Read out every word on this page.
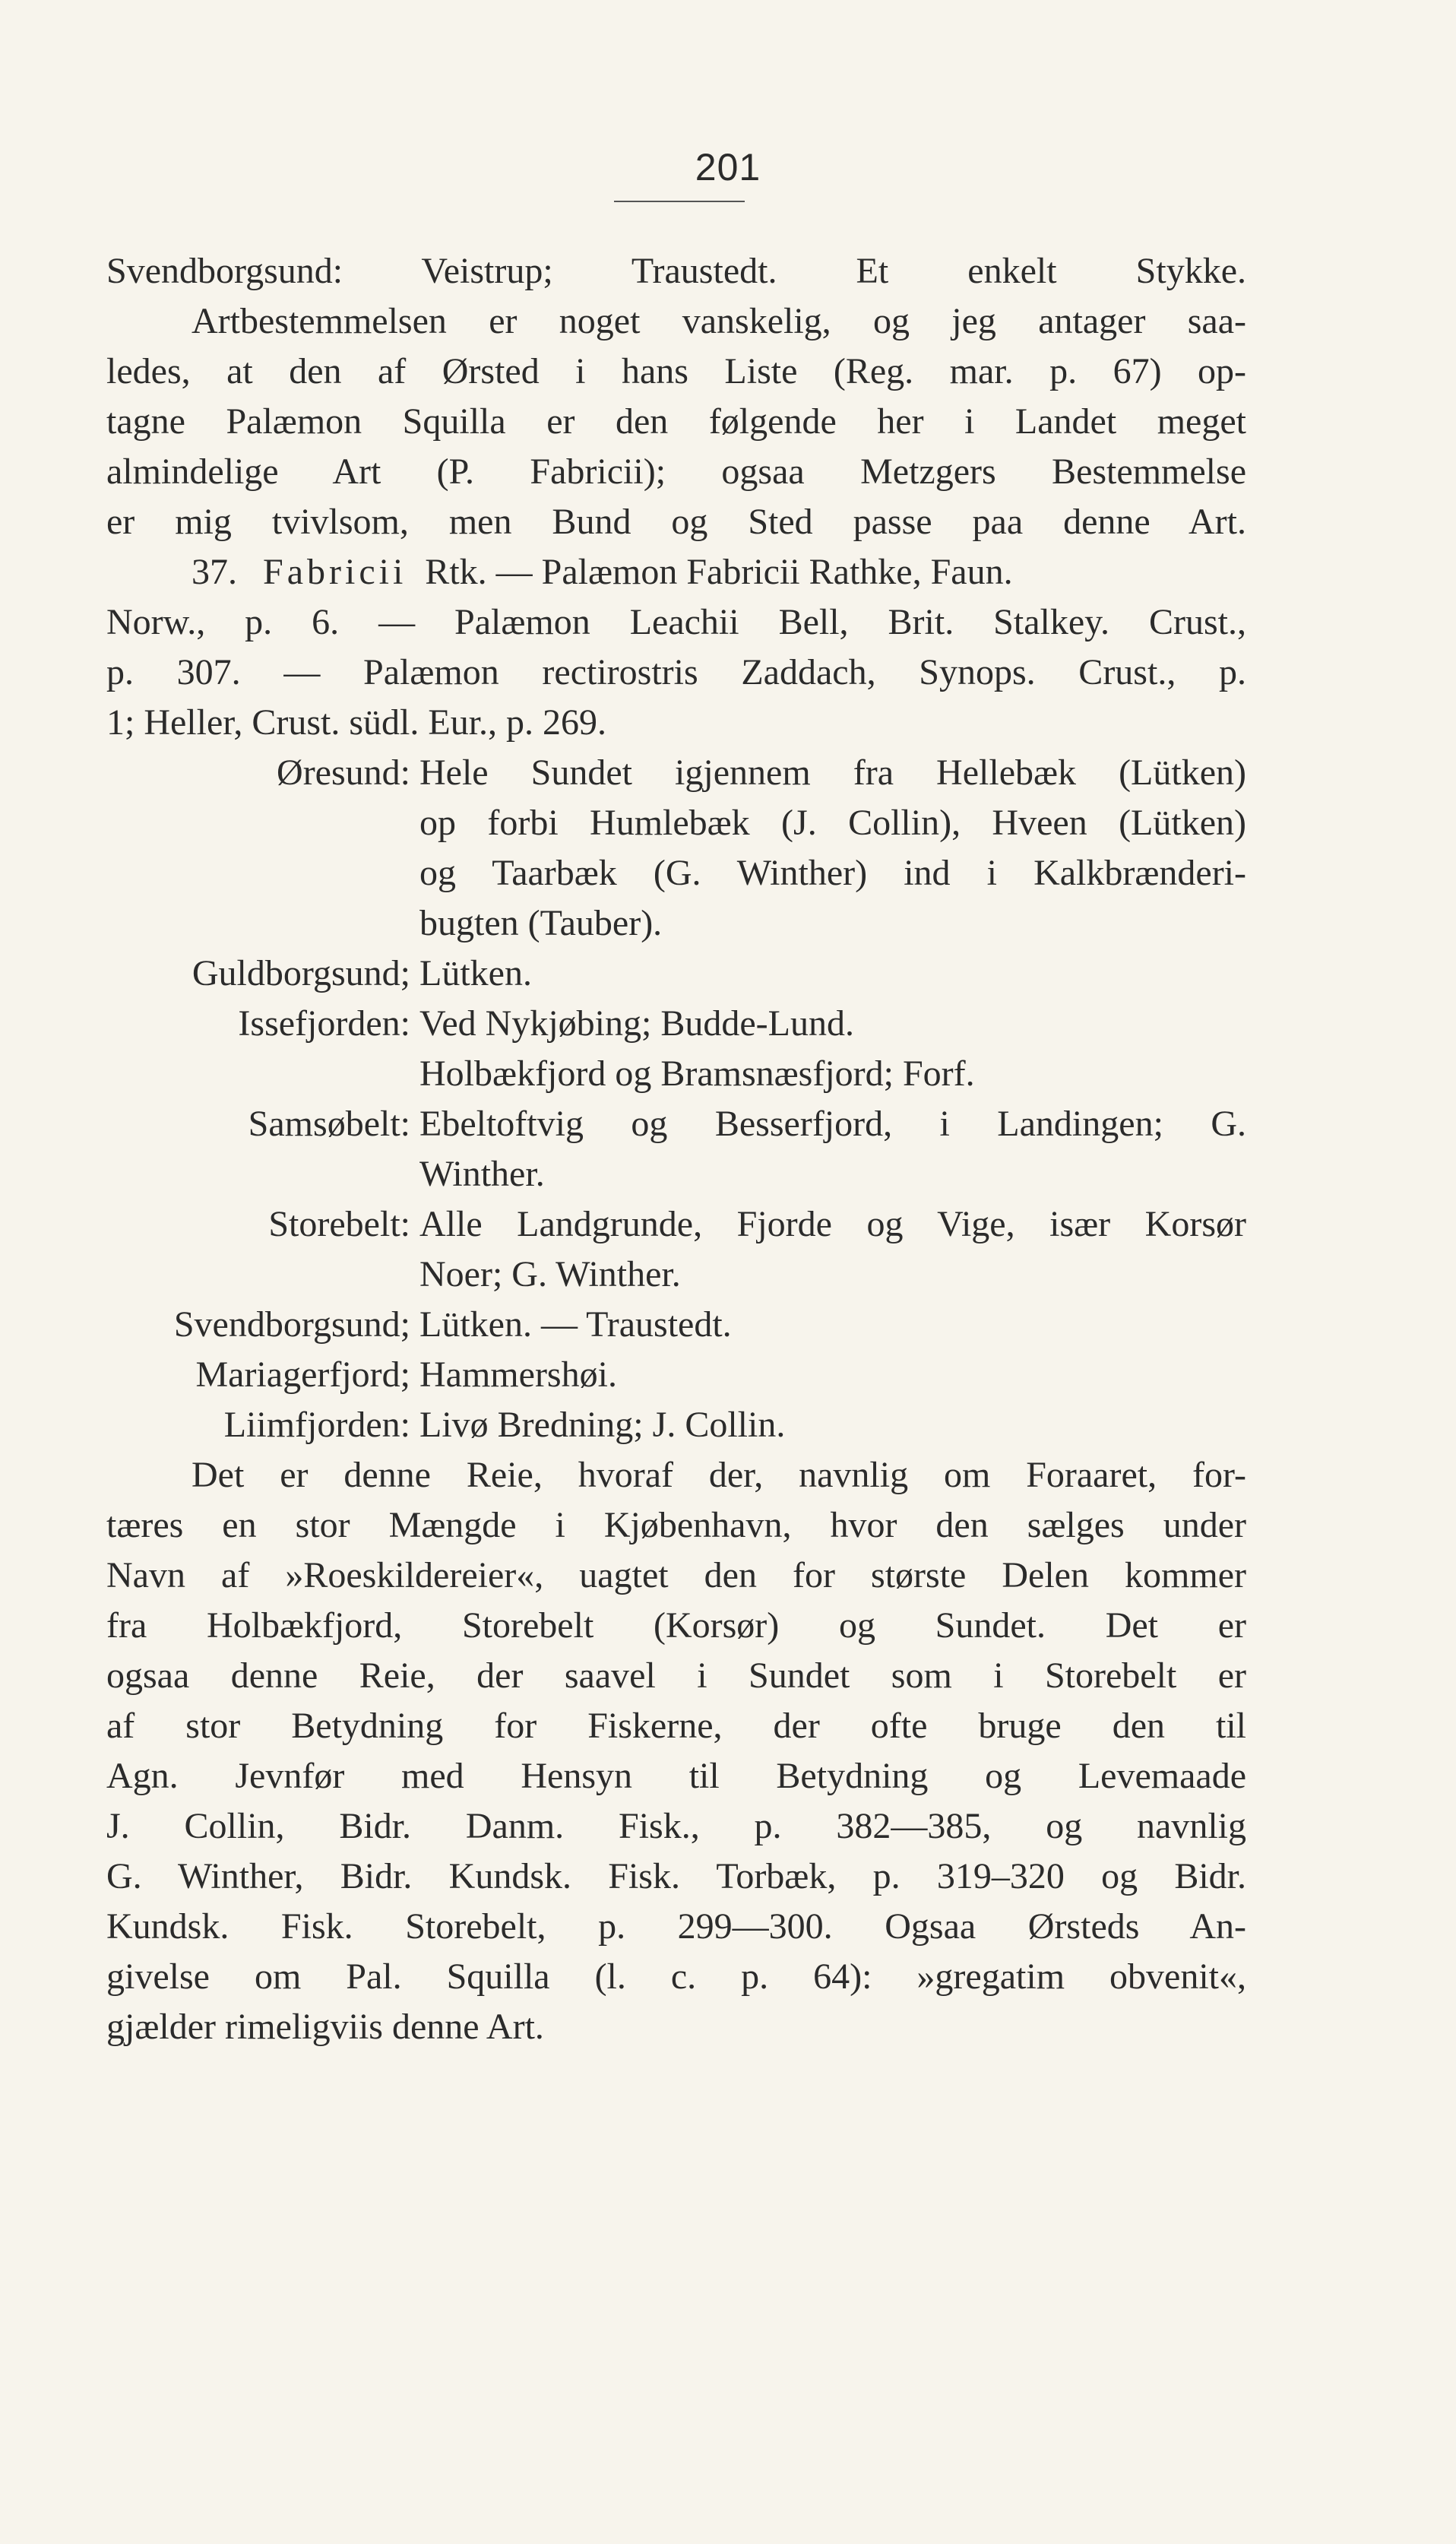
201
Svendborgsund: Veistrup; Traustedt. Et enkelt Stykke.
Artbestemmelsen er noget vanskelig, og jeg antager saa-
ledes, at den af Ørsted i hans Liste (Reg. mar. p. 67) op-
tagne Palæmon Squilla er den følgende her i Landet meget
almindelige Art (P. Fabricii); ogsaa Metzgers Bestemmelse
er mig tvivlsom, men Bund og Sted passe paa denne Art.
37. Fabricii Rtk. — Palæmon Fabricii Rathke, Faun.
Norw., p. 6. — Palæmon Leachii Bell, Brit. Stalkey. Crust.,
p. 307. — Palæmon rectirostris Zaddach, Synops. Crust., p.
1; Heller, Crust. südl. Eur., p. 269.
Øresund: Hele Sundet igjennem fra Hellebæk (Lütken)
op forbi Humlebæk (J. Collin), Hveen (Lütken)
og Taarbæk (G. Winther) ind i Kalkbrænderi-
bugten (Tauber).
Guldborgsund; Lütken.
Issefjorden: Ved Nykjøbing; Budde-Lund.
Holbækfjord og Bramsnæsfjord; Forf.
Samsøbelt: Ebeltoftvig og Besserfjord, i Landingen; G.
Winther.
Storebelt: Alle Landgrunde, Fjorde og Vige, især Korsør
Noer; G. Winther.
Svendborgsund; Lütken. — Traustedt.
Mariagerfjord; Hammershøi.
Liimfjorden: Livø Bredning; J. Collin.
Det er denne Reie, hvoraf der, navnlig om Foraaret, for-
tæres en stor Mængde i Kjøbenhavn, hvor den sælges under
Navn af »Roeskildereier«, uagtet den for største Delen kommer
fra Holbækfjord, Storebelt (Korsør) og Sundet. Det er
ogsaa denne Reie, der saavel i Sundet som i Storebelt er
af stor Betydning for Fiskerne, der ofte bruge den til
Agn. Jevnfør med Hensyn til Betydning og Levemaade
J. Collin, Bidr. Danm. Fisk., p. 382—385, og navnlig
G. Winther, Bidr. Kundsk. Fisk. Torbæk, p. 319–320 og Bidr.
Kundsk. Fisk. Storebelt, p. 299—300. Ogsaa Ørsteds An-
givelse om Pal. Squilla (l. c. p. 64): »gregatim obvenit«,
gjælder rimeligviis denne Art.
